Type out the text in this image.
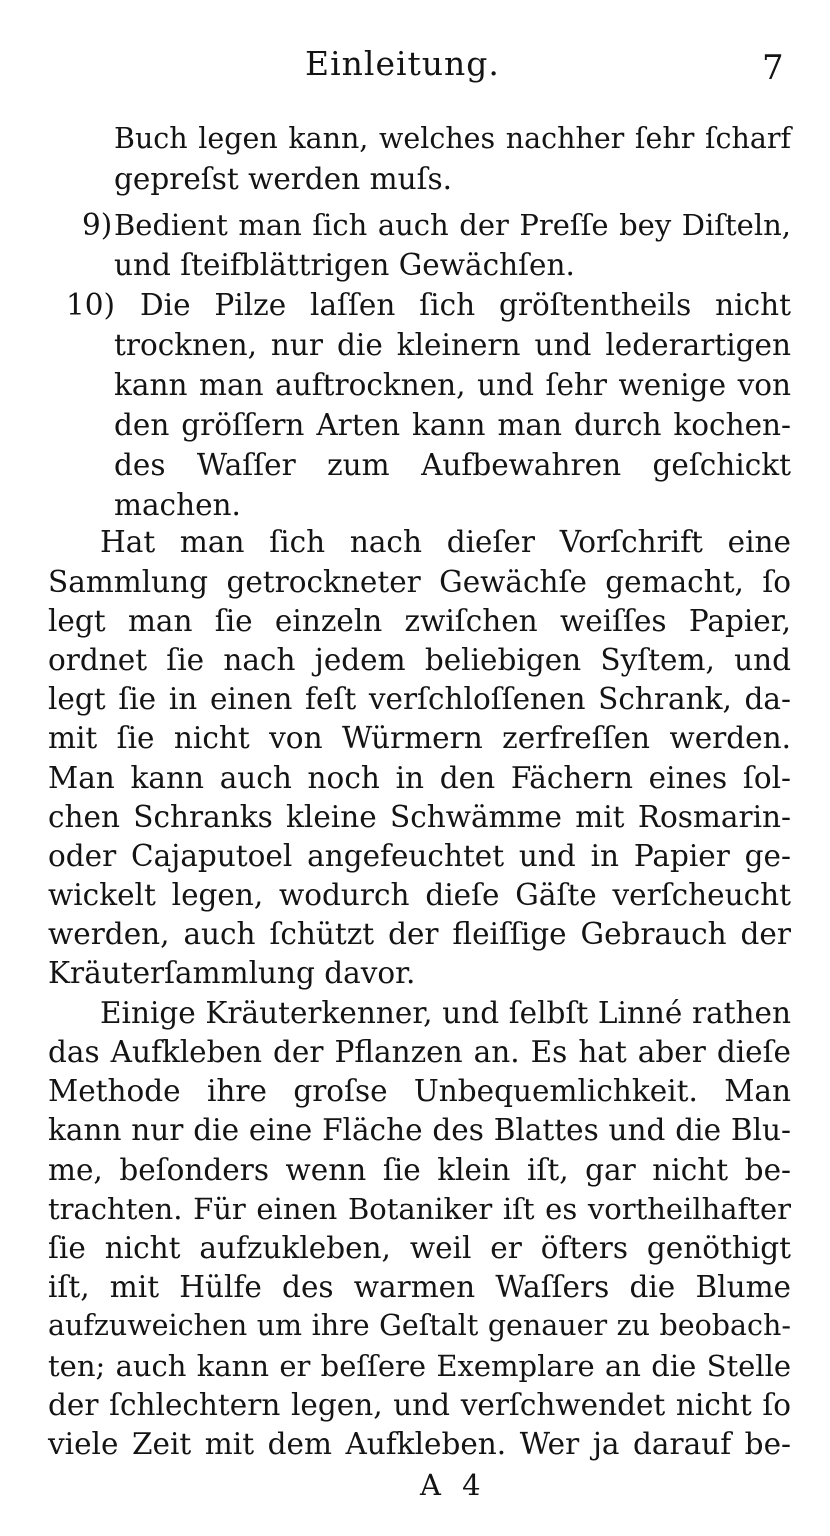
Einleitung.	7
Buch legen kann, welches nachher ſehr ſcharf
gepreſst werden muſs.
9) Bedient man ſich auch der Preſſe bey Diſteln,
und ſteifblättrigen Gewächſen.
10) Die Pilze laſſen ſich gröſtentheils nicht
trocknen, nur die kleinern und lederartigen
kann man auftrocknen, und ſehr wenige von
den gröſſern Arten kann man durch kochen-
des Waſſer zum Aufbewahren geſchickt
machen.
Hat man ſich nach dieſer Vorſchrift eine
Sammlung getrockneter Gewächſe gemacht, ſo
legt man ſie einzeln zwiſchen weiſſes Papier,
ordnet ſie nach jedem beliebigen Syſtem, und
legt ſie in einen feſt verſchloſſenen Schrank, da-
mit ſie nicht von Würmern zerfreſſen werden.
Man kann auch noch in den Fächern eines ſol-
chen Schranks kleine Schwämme mit Rosmarin-
oder Cajaputoel angefeuchtet und in Papier ge-
wickelt legen, wodurch dieſe Gäſte verſcheucht
werden, auch ſchützt der fleiſſige Gebrauch der
Kräuterſammlung davor.
Einige Kräuterkenner, und ſelbſt Linné rathen
das Aufkleben der Pflanzen an. Es hat aber dieſe
Methode ihre groſse Unbequemlichkeit. Man
kann nur die eine Fläche des Blattes und die Blu-
me, beſonders wenn ſie klein iſt, gar nicht be-
trachten. Für einen Botaniker iſt es vortheilhafter
ſie nicht aufzukleben, weil er öfters genöthigt
iſt, mit Hülfe des warmen Waſſers die Blume
aufzuweichen um ihre Geſtalt genauer zu beobach-
ten; auch kann er beſſere Exemplare an die Stelle
der ſchlechtern legen, und verſchwendet nicht ſo
viele Zeit mit dem Aufkleben. Wer ja darauf be-
A 4
